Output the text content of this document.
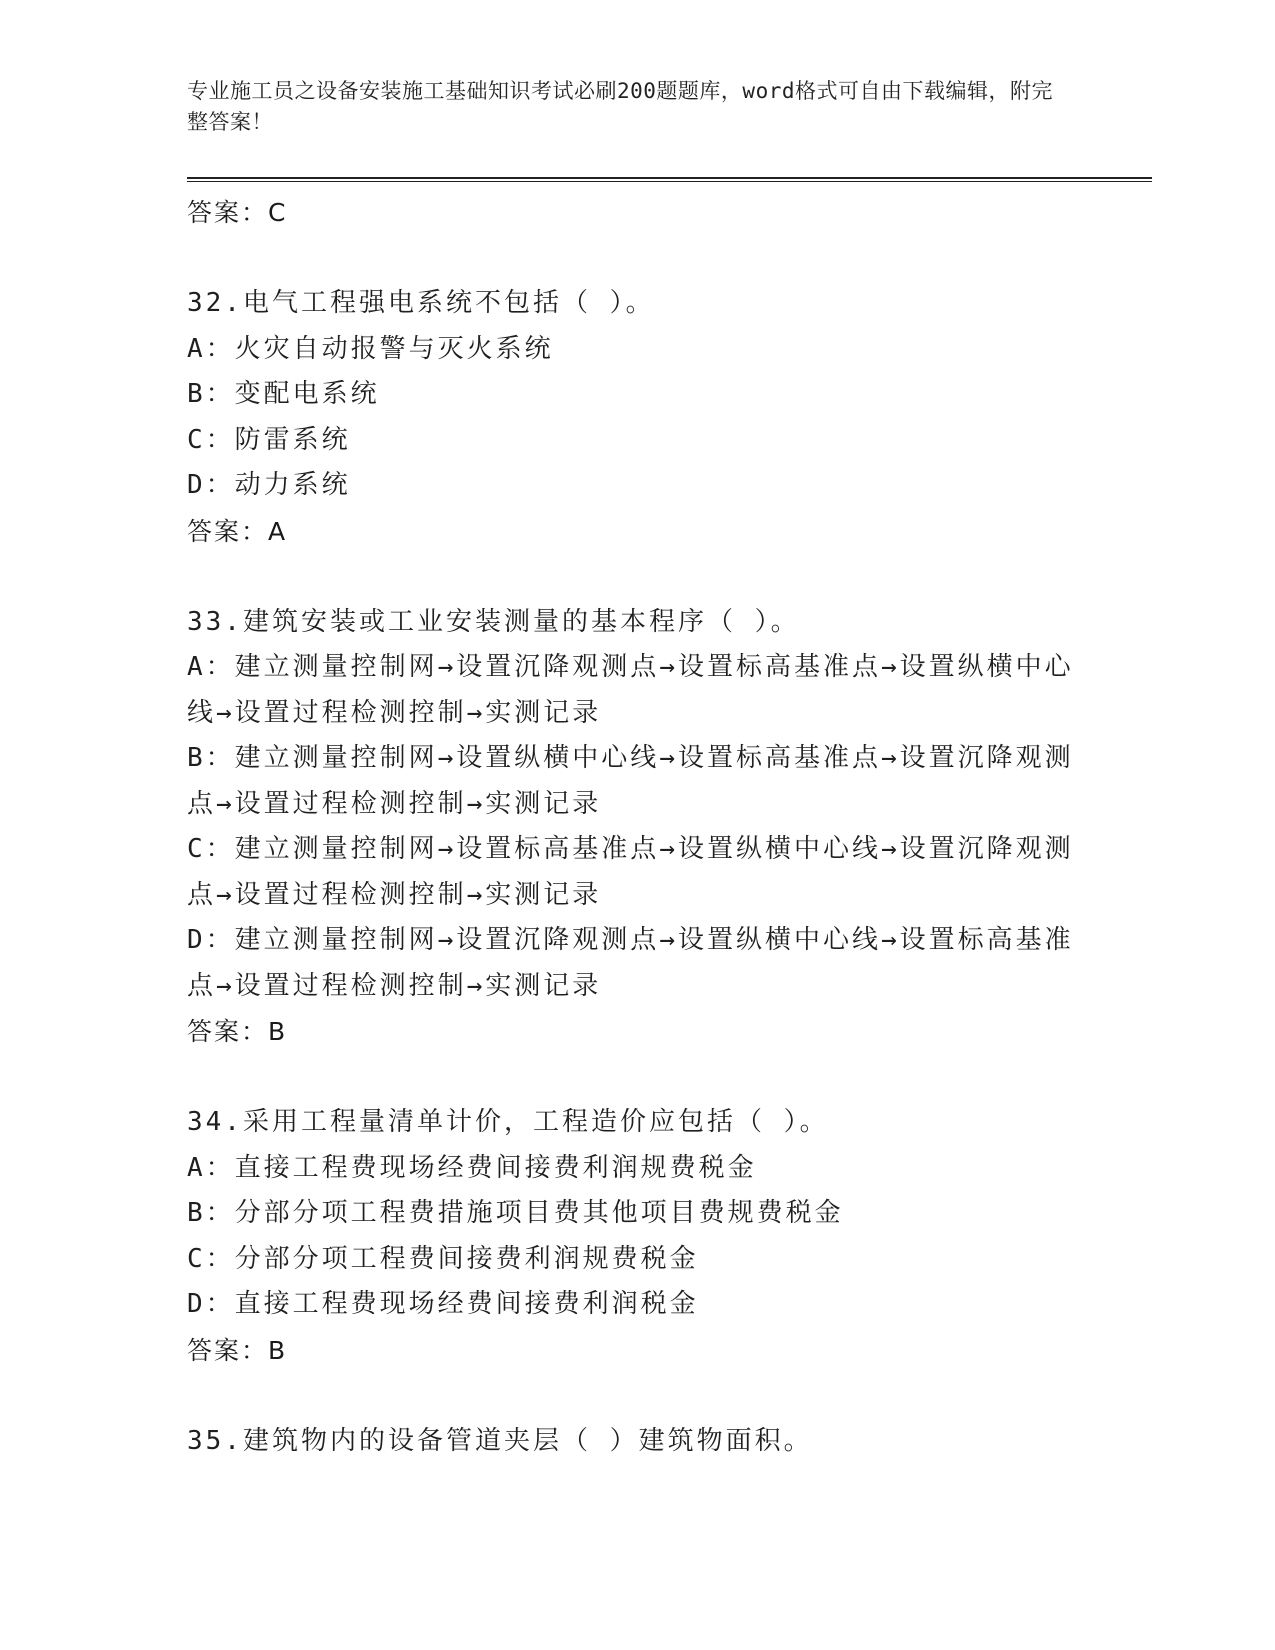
专业施工员之设备安装施工基础知识考试必刷200题题库，word格式可自由下载编辑，附完整答案！
答案：C
32.电气工程强电系统不包括（ ）。
A：火灾自动报警与灭火系统
B：变配电系统
C：防雷系统
D：动力系统
答案：A
33.建筑安装或工业安装测量的基本程序（ ）。
A：建立测量控制网→设置沉降观测点→设置标高基准点→设置纵横中心线→设置过程检测控制→实测记录
B：建立测量控制网→设置纵横中心线→设置标高基准点→设置沉降观测点→设置过程检测控制→实测记录
C：建立测量控制网→设置标高基准点→设置纵横中心线→设置沉降观测点→设置过程检测控制→实测记录
D：建立测量控制网→设置沉降观测点→设置纵横中心线→设置标高基准点→设置过程检测控制→实测记录
答案：B
34.采用工程量清单计价，工程造价应包括（ ）。
A：直接工程费现场经费间接费利润规费税金
B：分部分项工程费措施项目费其他项目费规费税金
C：分部分项工程费间接费利润规费税金
D：直接工程费现场经费间接费利润税金
答案：B
35.建筑物内的设备管道夹层（ ）建筑物面积。
